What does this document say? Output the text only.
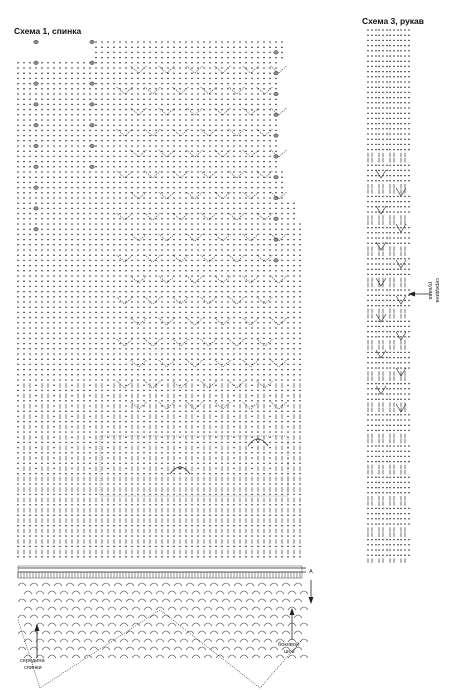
Схема 1, спинка
Схема 3, рукав
середина
спинки
боковой
шов
A
середина
рукава
